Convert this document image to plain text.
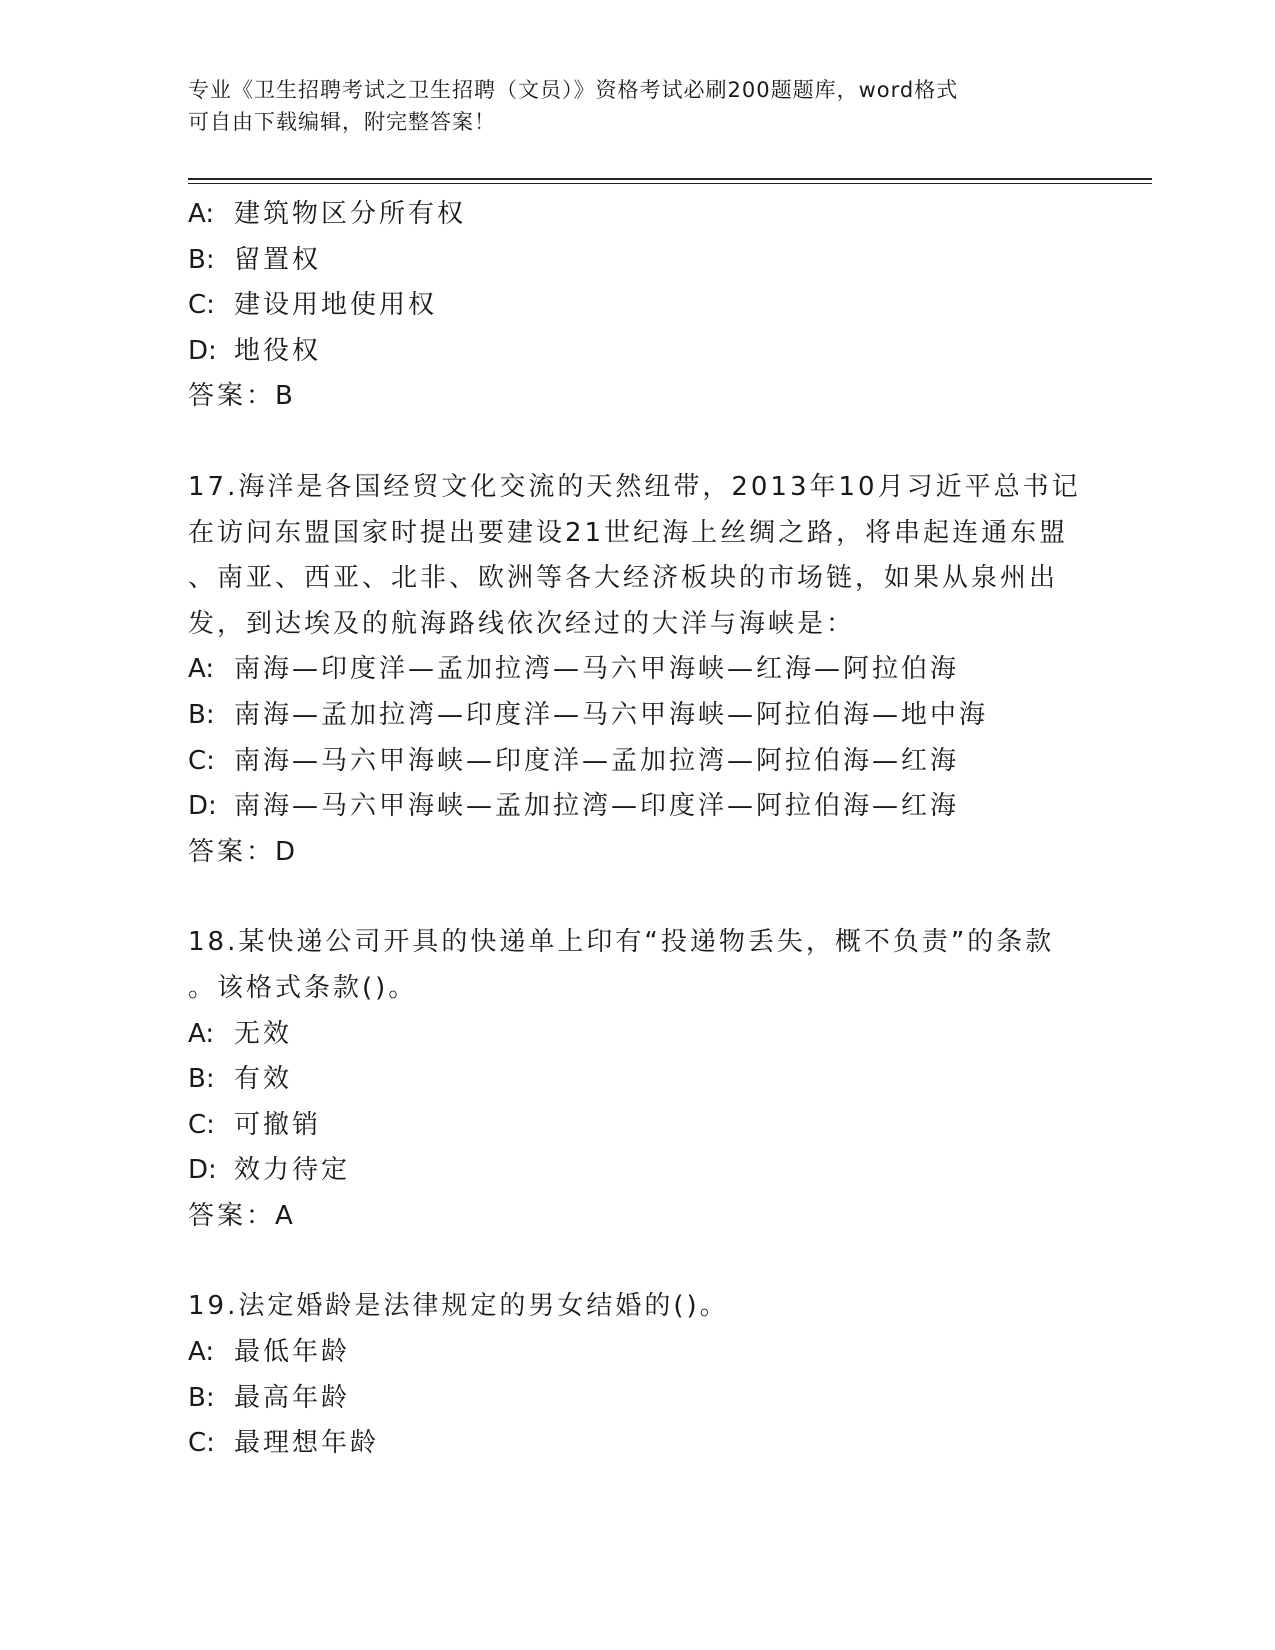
专业《卫生招聘考试之卫生招聘（文员）》资格考试必刷200题题库，word格式
可自由下载编辑，附完整答案！
A: 建筑物区分所有权
B: 留置权
C: 建设用地使用权
D: 地役权
答案：B
17.海洋是各国经贸文化交流的天然纽带，2013年10月习近平总书记
在访问东盟国家时提出要建设21世纪海上丝绸之路，将串起连通东盟
、南亚、西亚、北非、欧洲等各大经济板块的市场链，如果从泉州出
发，到达埃及的航海路线依次经过的大洋与海峡是：
A: 南海—印度洋—孟加拉湾—马六甲海峡—红海—阿拉伯海
B: 南海—孟加拉湾—印度洋—马六甲海峡—阿拉伯海—地中海
C: 南海—马六甲海峡—印度洋—孟加拉湾—阿拉伯海—红海
D: 南海—马六甲海峡—孟加拉湾—印度洋—阿拉伯海—红海
答案：D
18.某快递公司开具的快递单上印有“投递物丢失，概不负责”的条款
。该格式条款()。
A: 无效
B: 有效
C: 可撤销
D: 效力待定
答案：A
19.法定婚龄是法律规定的男女结婚的()。
A: 最低年龄
B: 最高年龄
C: 最理想年龄
